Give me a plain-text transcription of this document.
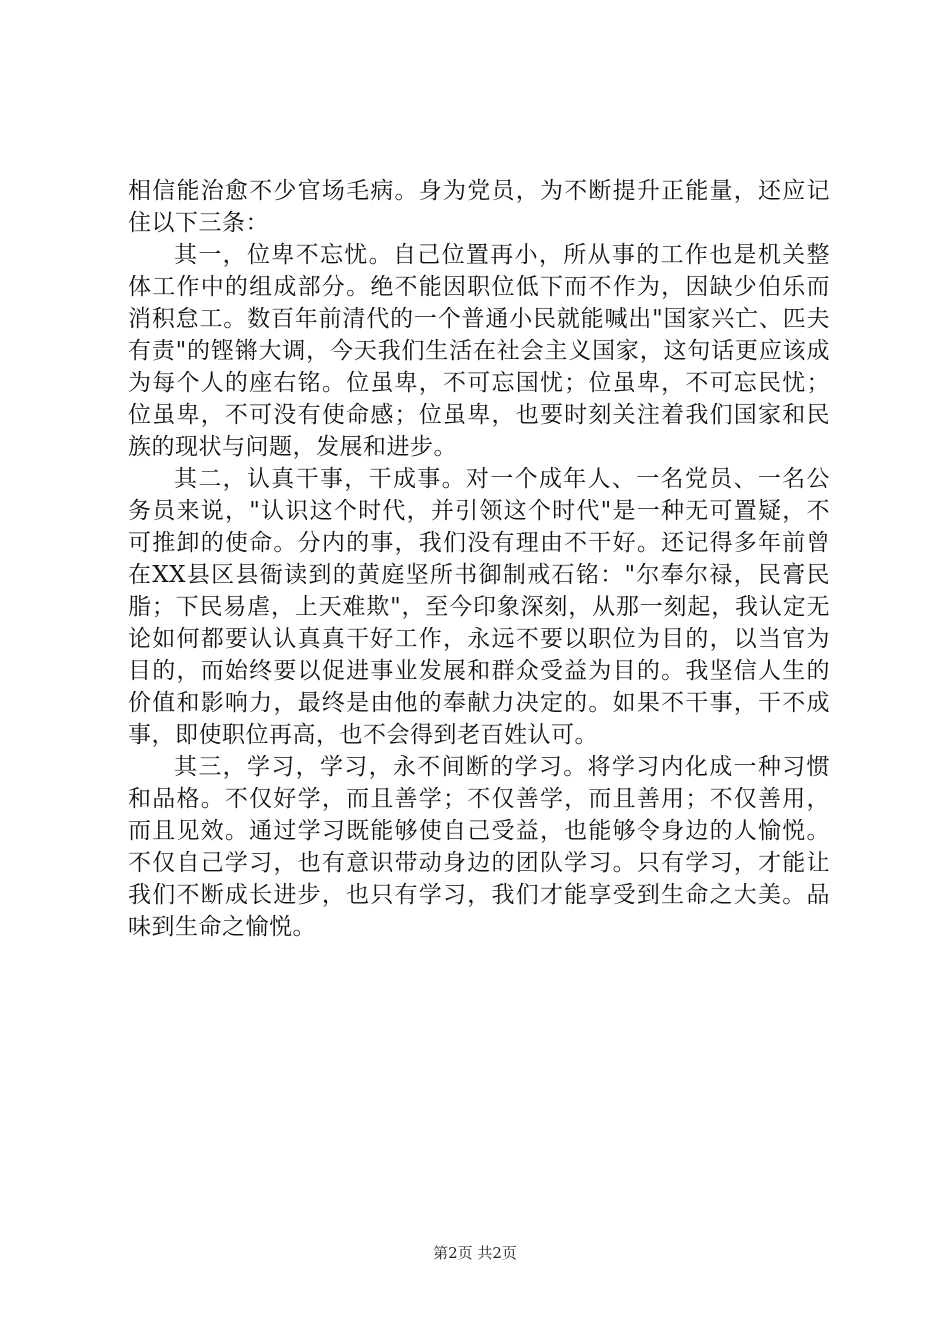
相信能治愈不少官场毛病。身为党员，为不断提升正能量，还应记住以下三条：

其一，位卑不忘忧。自己位置再小，所从事的工作也是机关整体工作中的组成部分。绝不能因职位低下而不作为，因缺少伯乐而消积怠工。数百年前清代的一个普通小民就能喊出"国家兴亡、匹夫有责"的铿锵大调，今天我们生活在社会主义国家，这句话更应该成为每个人的座右铭。位虽卑，不可忘国忧；位虽卑，不可忘民忧；位虽卑，不可没有使命感；位虽卑，也要时刻关注着我们国家和民族的现状与问题，发展和进步。

其二，认真干事，干成事。对一个成年人、一名党员、一名公务员来说，"认识这个时代，并引领这个时代"是一种无可置疑，不可推卸的使命。分内的事，我们没有理由不干好。还记得多年前曾在XX县区县衙读到的黄庭坚所书御制戒石铭："尔奉尔禄，民膏民脂；下民易虐，上天难欺"，至今印象深刻，从那一刻起，我认定无论如何都要认认真真干好工作，永远不要以职位为目的，以当官为目的，而始终要以促进事业发展和群众受益为目的。我坚信人生的价值和影响力，最终是由他的奉献力决定的。如果不干事，干不成事，即使职位再高，也不会得到老百姓认可。

其三，学习，学习，永不间断的学习。将学习内化成一种习惯和品格。不仅好学，而且善学；不仅善学，而且善用；不仅善用，而且见效。通过学习既能够使自己受益，也能够令身边的人愉悦。不仅自己学习，也有意识带动身边的团队学习。只有学习，才能让我们不断成长进步，也只有学习，我们才能享受到生命之大美。品味到生命之愉悦。

第2页 共2页
